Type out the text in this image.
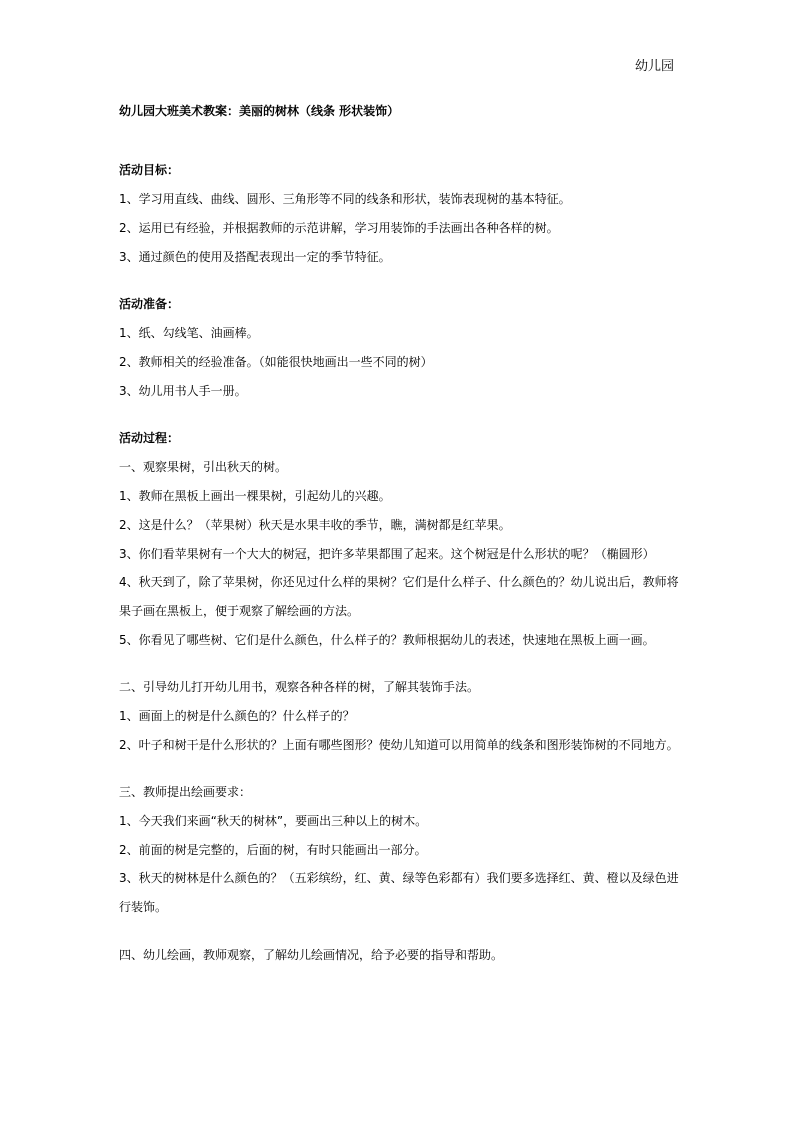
幼儿园

幼儿园大班美术教案：美丽的树林（线条 形状装饰）

活动目标：

1、学习用直线、曲线、圆形、三角形等不同的线条和形状，装饰表现树的基本特征。

2、运用已有经验，并根据教师的示范讲解，学习用装饰的手法画出各种各样的树。

3、通过颜色的使用及搭配表现出一定的季节特征。

活动准备：

1、纸、勾线笔、油画棒。

2、教师相关的经验准备。（如能很快地画出一些不同的树）

3、幼儿用书人手一册。

活动过程：

一、观察果树，引出秋天的树。

1、教师在黑板上画出一棵果树，引起幼儿的兴趣。

2、这是什么？（苹果树）秋天是水果丰收的季节，瞧，满树都是红苹果。

3、你们看苹果树有一个大大的树冠，把许多苹果都围了起来。这个树冠是什么形状的呢？（椭圆形）

4、秋天到了，除了苹果树，你还见过什么样的果树？它们是什么样子、什么颜色的？幼儿说出后，教师将果子画在黑板上，便于观察了解绘画的方法。

5、你看见了哪些树、它们是什么颜色，什么样子的？教师根据幼儿的表述，快速地在黑板上画一画。

二、引导幼儿打开幼儿用书，观察各种各样的树，了解其装饰手法。

1、画面上的树是什么颜色的？什么样子的？

2、叶子和树干是什么形状的？上面有哪些图形？使幼儿知道可以用简单的线条和图形装饰树的不同地方。

三、教师提出绘画要求：

1、今天我们来画“秋天的树林”，要画出三种以上的树木。

2、前面的树是完整的，后面的树，有时只能画出一部分。

3、秋天的树林是什么颜色的？（五彩缤纷，红、黄、绿等色彩都有）我们要多选择红、黄、橙以及绿色进行装饰。

四、幼儿绘画，教师观察，了解幼儿绘画情况，给予必要的指导和帮助。
